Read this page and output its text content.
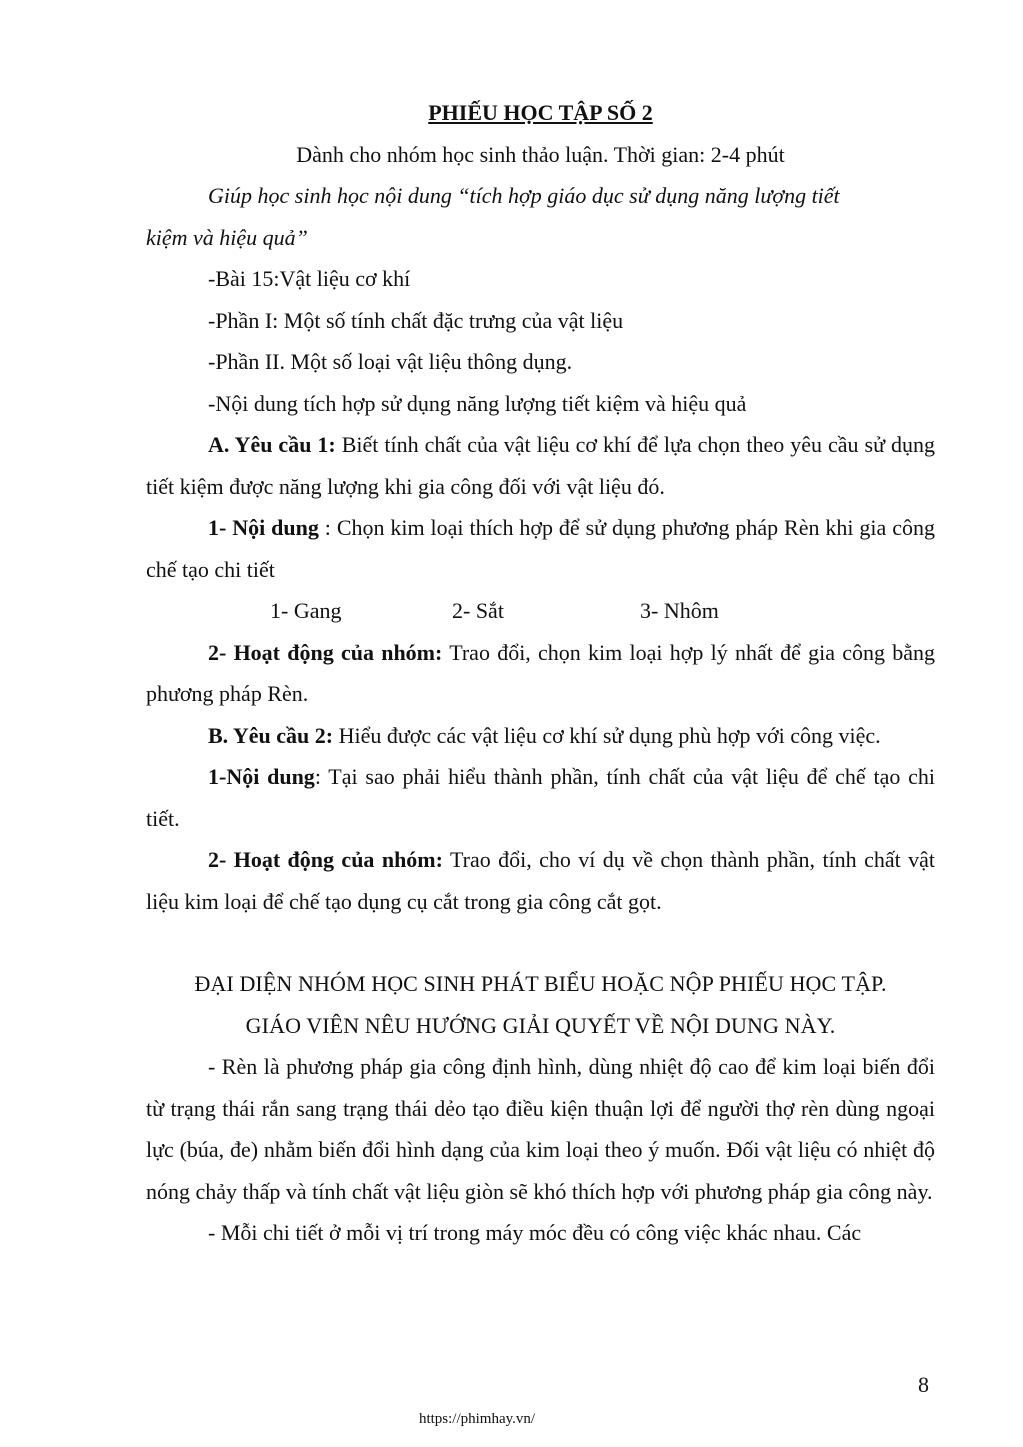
PHIẾU HỌC TẬP SỐ 2

Dành cho nhóm học sinh thảo luận. Thời gian: 2-4 phút

Giúp học sinh học nội dung “tích hợp giáo dục sử dụng năng lượng tiết

kiệm và hiệu quả”

-Bài 15:Vật liệu cơ khí

-Phần I: Một số tính chất đặc trưng của vật liệu

-Phần II. Một số loại vật liệu thông dụng.

-Nội dung tích hợp sử dụng năng lượng tiết kiệm và hiệu quả

A. Yêu cầu 1: Biết tính chất của vật liệu cơ khí để lựa chọn theo yêu cầu sử dụng tiết kiệm được năng lượng khi gia công đối với vật liệu đó.

1- Nội dung : Chọn kim loại thích hợp để sử dụng phương pháp Rèn khi gia công chế tạo chi tiết

1- Gang	2- Sắt	3- Nhôm

2- Hoạt động của nhóm: Trao đổi, chọn kim loại hợp lý nhất để gia công bằng phương pháp Rèn.

B. Yêu cầu 2: Hiểu được các vật liệu cơ khí sử dụng phù hợp với công việc.

1-Nội dung: Tại sao phải hiểu thành phần, tính chất của vật liệu để chế tạo chi tiết.

2- Hoạt động của nhóm: Trao đổi, cho ví dụ về chọn thành phần, tính chất vật liệu kim loại để chế tạo dụng cụ cắt trong gia công cắt gọt.

ĐẠI DIỆN NHÓM HỌC SINH PHÁT BIỂU HOẶC NỘP PHIẾU HỌC TẬP.

GIÁO VIÊN NÊU HƯỚNG GIẢI QUYẾT VỀ NỘI DUNG NÀY.

- Rèn là phương pháp gia công định hình, dùng nhiệt độ cao để kim loại biến đổi từ trạng thái rắn sang trạng thái dẻo tạo điều kiện thuận lợi để người thợ rèn dùng ngoại lực (búa, đe) nhằm biến đổi hình dạng của kim loại theo ý muốn. Đối vật liệu có nhiệt độ nóng chảy thấp và tính chất vật liệu giòn sẽ khó thích hợp với phương pháp gia công này.

- Mỗi chi tiết ở mỗi vị trí trong máy móc đều có công việc khác nhau. Các

8
https://phimhay.vn/
